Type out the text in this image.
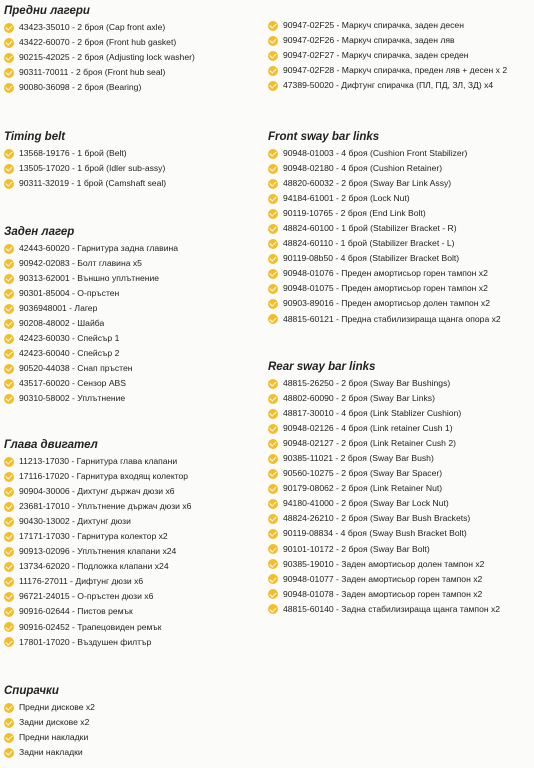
Предни лагери
43423-35010 - 2 броя (Cap front axle)
43422-60070 - 2 броя (Front hub gasket)
90215-42025 - 2 броя (Adjusting lock washer)
90311-70011 - 2 броя (Front hub seal)
90080-36098 - 2 броя (Bearing)
Timing belt
13568-19176 - 1 брой (Belt)
13505-17020 - 1 брой (Idler sub-assy)
90311-32019 - 1 брой (Camshaft seal)
Заден лагер
42443-60020 - Гарнитура задна главина
90942-02083 - Болт главина х5
90313-62001 - Външно уплътнение
90301-85004 - О-пръстен
9036948001 - Лагер
90208-48002 - Шайба
42423-60030 - Спейсър 1
42423-60040 - Спейсър 2
90520-44038 - Снап пръстен
43517-60020 - Сензор ABS
90310-58002 - Уплътнение
Глава двигател
11213-17030 - Гарнитура глава клапани
17116-17020 - Гарнитура входящ колектор
90904-30006 - Дихтунг държач дюзи х6
23681-17010 - Уплътнение държач дюзи х6
90430-13002 - Дихтунг дюзи
17171-17030 - Гарнитура колектор х2
90913-02096 - Уплътнения клапани х24
13734-62020 - Подложка клапани х24
11176-27011 - Дифтунг дюзи х6
96721-24015 - О-пръстен дюзи х6
90916-02644 - Пистов ремък
90916-02452 - Трапецовиден ремък
17801-17020 - Въздушен филтър
Спирачки
Предни дискове х2
Задни дискове х2
Предни накладки
Задни накладки
90947-02F25 - Маркуч спирачка, заден десен
90947-02F26 - Маркуч спирачка, заден ляв
90947-02F27 - Маркуч спирачка, заден среден
90947-02F28 - Маркуч спирачка, преден ляв + десен х 2
47389-50020 - Дифтунг спирачка (ПЛ, ПД, ЗЛ, ЗД) х4
Front sway bar links
90948-01003 - 4 броя (Cushion Front Stabilizer)
90948-02180 - 4 броя (Cushion Retainer)
48820-60032 - 2 броя (Sway Bar Link Assy)
94184-61001 - 2 броя (Lock Nut)
90119-10765 - 2 броя (End Link Bolt)
48824-60100 - 1 брой (Stabilizer Bracket - R)
48824-60110 - 1 брой (Stabilizer Bracket - L)
90119-08b50 - 4 броя (Stabilizer Bracket Bolt)
90948-01076 - Преден амортисьор горен тампон х2
90948-01075 - Преден амортисьор горен тампон х2
90903-89016 - Преден амортисьор долен тампон х2
48815-60121 - Предна стабилизираща щанга опора х2
Rear sway bar links
48815-26250 - 2 броя (Sway Bar Bushings)
48802-60090 - 2 броя (Sway Bar Links)
48817-30010 - 4 броя (Link Stablizer Cushion)
90948-02126 - 4 броя (Link retainer Cush 1)
90948-02127 - 2 броя (Link Retainer Cush 2)
90385-11021 - 2 броя (Sway Bar Bush)
90560-10275 - 2 броя (Sway Bar Spacer)
90179-08062 - 2 броя (Link Retainer Nut)
94180-41000 - 2 броя (Sway Bar Lock Nut)
48824-26210 - 2 броя (Sway Bar Bush Brackets)
90119-08834 - 4 броя (Sway Bush Bracket Bolt)
90101-10172 - 2 броя (Sway Bar Bolt)
90385-19010 - Заден амортисьор долен тампон х2
90948-01077 - Заден амортисьор горен тампон х2
90948-01078 - Заден амортисьор горен тампон х2
48815-60140 - Задна стабилизираща щанга тампон х2
